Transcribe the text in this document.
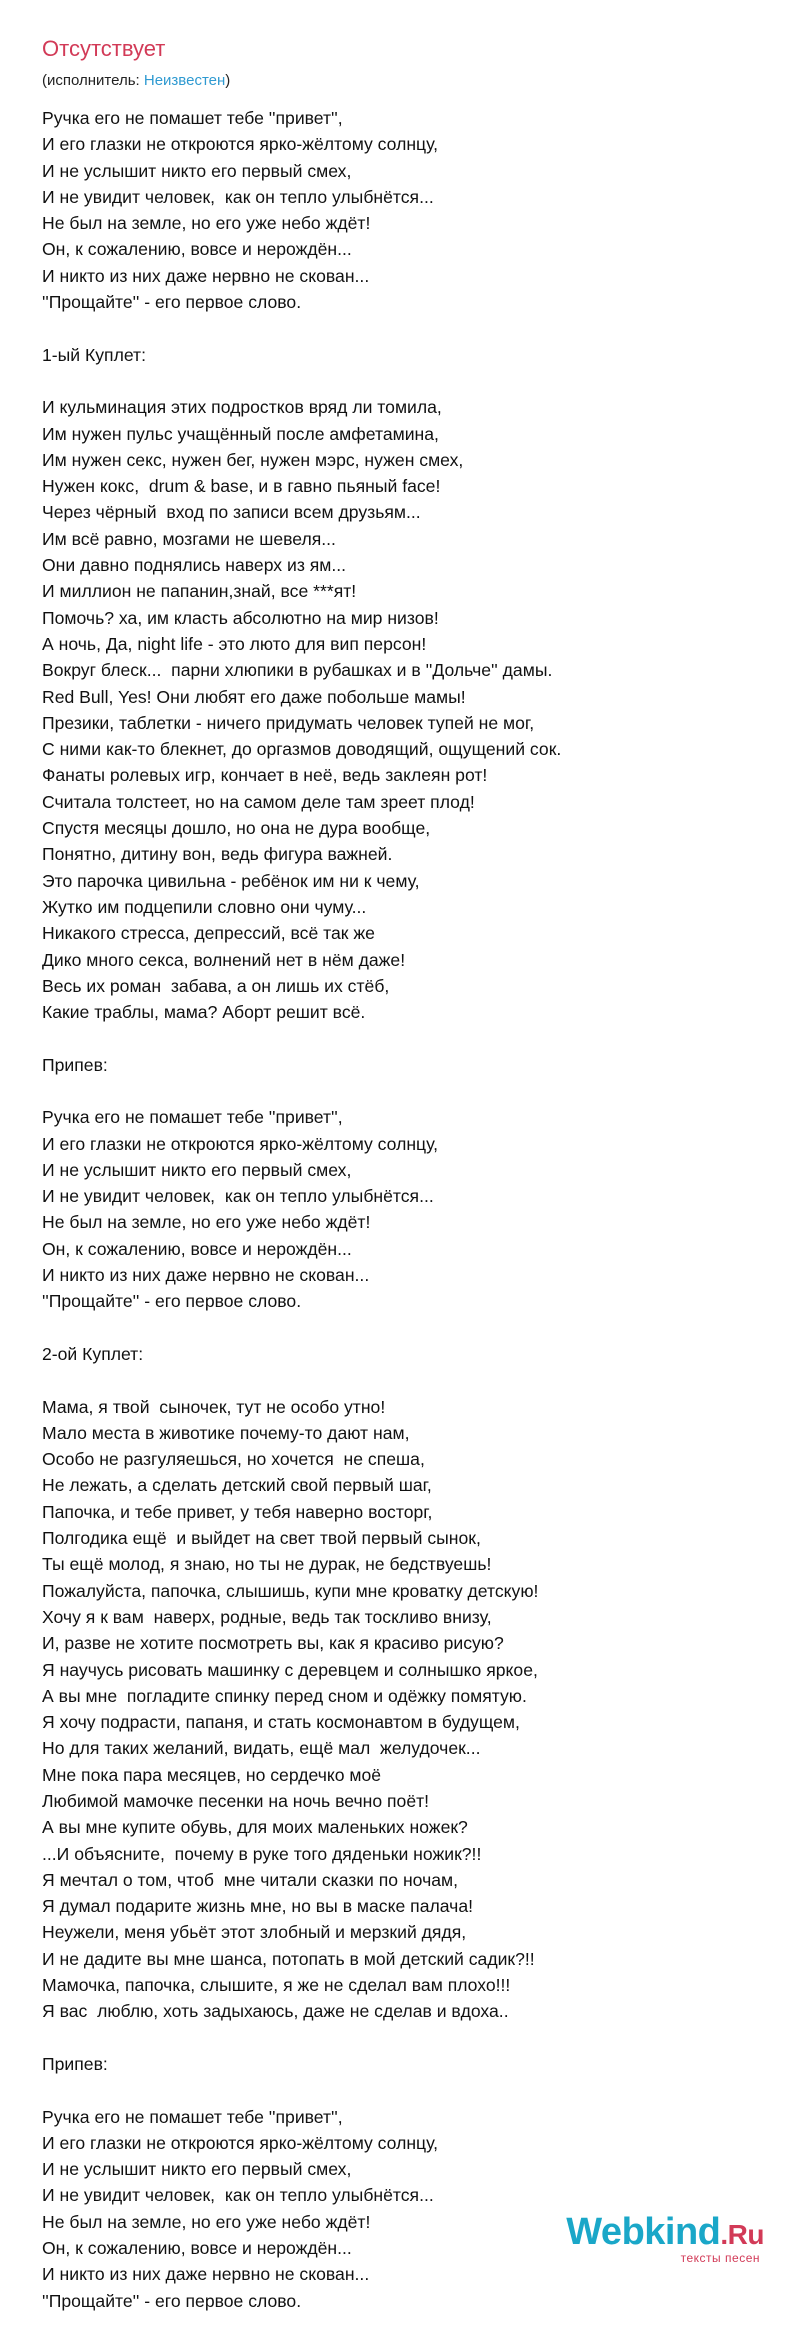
Отсутствует
(исполнитель: Неизвестен)
Ручка его не помашет тебе ''привет'',
И его глазки не откроются ярко-жёлтому солнцу,
И не услышит никто его первый смех,
И не увидит человек,  как он тепло улыбнётся...
Не был на земле, но его уже небо ждёт!
Он, к сожалению, вовсе и нерождён...
И никто из них даже нервно не скован...
''Прощайте'' - его первое слово.
1-ый Куплет:
И кульминация этих подростков вряд ли томила,
Им нужен пульс учащённый после амфетамина,
Им нужен секс, нужен бег, нужен мэрс, нужен смех,
Нужен кокс,  drum & base, и в гавно пьяный face!
Через чёрный  вход по записи всем друзьям...
Им всё равно, мозгами не шевеля...
Они давно поднялись наверх из ям...
И миллион не папанин,знай, все ***ят!
Помочь? ха, им класть абсолютно на мир низов!
А ночь, Да, night life - это люто для вип персон!
Вокруг блеск...  парни хлюпики в рубашках и в ''Дольче'' дамы.
Red Bull, Yes! Они любят его даже побольше мамы!
Презики, таблетки - ничего придумать человек тупей не мог,
С ними как-то блекнет, до оргазмов доводящий, ощущений сок.
Фанаты ролевых игр, кончает в неё, ведь заклеян рот!
Считала толстеет, но на самом деле там зреет плод!
Спустя месяцы дошло, но она не дура вообще,
Понятно, дитину вон, ведь фигура важней.
Это парочка цивильна - ребёнок им ни к чему,
Жутко им подцепили словно они чуму...
Никакого стресса, депрессий, всё так же
Дико много секса, волнений нет в нём даже!
Весь их роман  забава, а он лишь их стёб,
Какие траблы, мама? Аборт решит всё.
Припев:
Ручка его не помашет тебе ''привет'',
И его глазки не откроются ярко-жёлтому солнцу,
И не услышит никто его первый смех,
И не увидит человек,  как он тепло улыбнётся...
Не был на земле, но его уже небо ждёт!
Он, к сожалению, вовсе и нерождён...
И никто из них даже нервно не скован...
''Прощайте'' - его первое слово.
2-ой Куплет:
Мама, я твой  сыночек, тут не особо утно!
Мало места в животике почему-то дают нам,
Особо не разгуляешься, но хочется  не спеша,
Не лежать, а сделать детский свой первый шаг,
Папочка, и тебе привет, у тебя наверно восторг,
Полгодика ещё  и выйдет на свет твой первый сынок,
Ты ещё молод, я знаю, но ты не дурак, не бедствуешь!
Пожалуйста, папочка, слышишь, купи мне кроватку детскую!
Хочу я к вам  наверх, родные, ведь так тоскливо внизу,
И, разве не хотите посмотреть вы, как я красиво рисую?
Я научусь рисовать машинку с деревцем и солнышко яркое,
А вы мне  погладите спинку перед сном и одёжку помятую.
Я хочу подрасти, папаня, и стать космонавтом в будущем,
Но для таких желаний, видать, ещё мал  желудочек...
Мне пока пара месяцев, но сердечко моё
Любимой мамочке песенки на ночь вечно поёт!
А вы мне купите обувь, для моих маленьких ножек?
...И объясните,  почему в руке того дяденьки ножик?!!
Я мечтал о том, чтоб  мне читали сказки по ночам,
Я думал подарите жизнь мне, но вы в маске палача!
Неужели, меня убьёт этот злобный и мерзкий дядя,
И не дадите вы мне шанса, потопать в мой детский садик?!!
Мамочка, папочка, слышите, я же не сделал вам плохо!!!
Я вас  люблю, хоть задыхаюсь, даже не сделав и вдоха..
Припев:
Ручка его не помашет тебе ''привет'',
И его глазки не откроются ярко-жёлтому солнцу,
И не услышит никто его первый смех,
И не увидит человек,  как он тепло улыбнётся...
Не был на земле, но его уже небо ждёт!
Он, к сожалению, вовсе и нерождён...
И никто из них даже нервно не скован...
''Прощайте'' - его первое слово.
Webkind.Ru
тексты песен
